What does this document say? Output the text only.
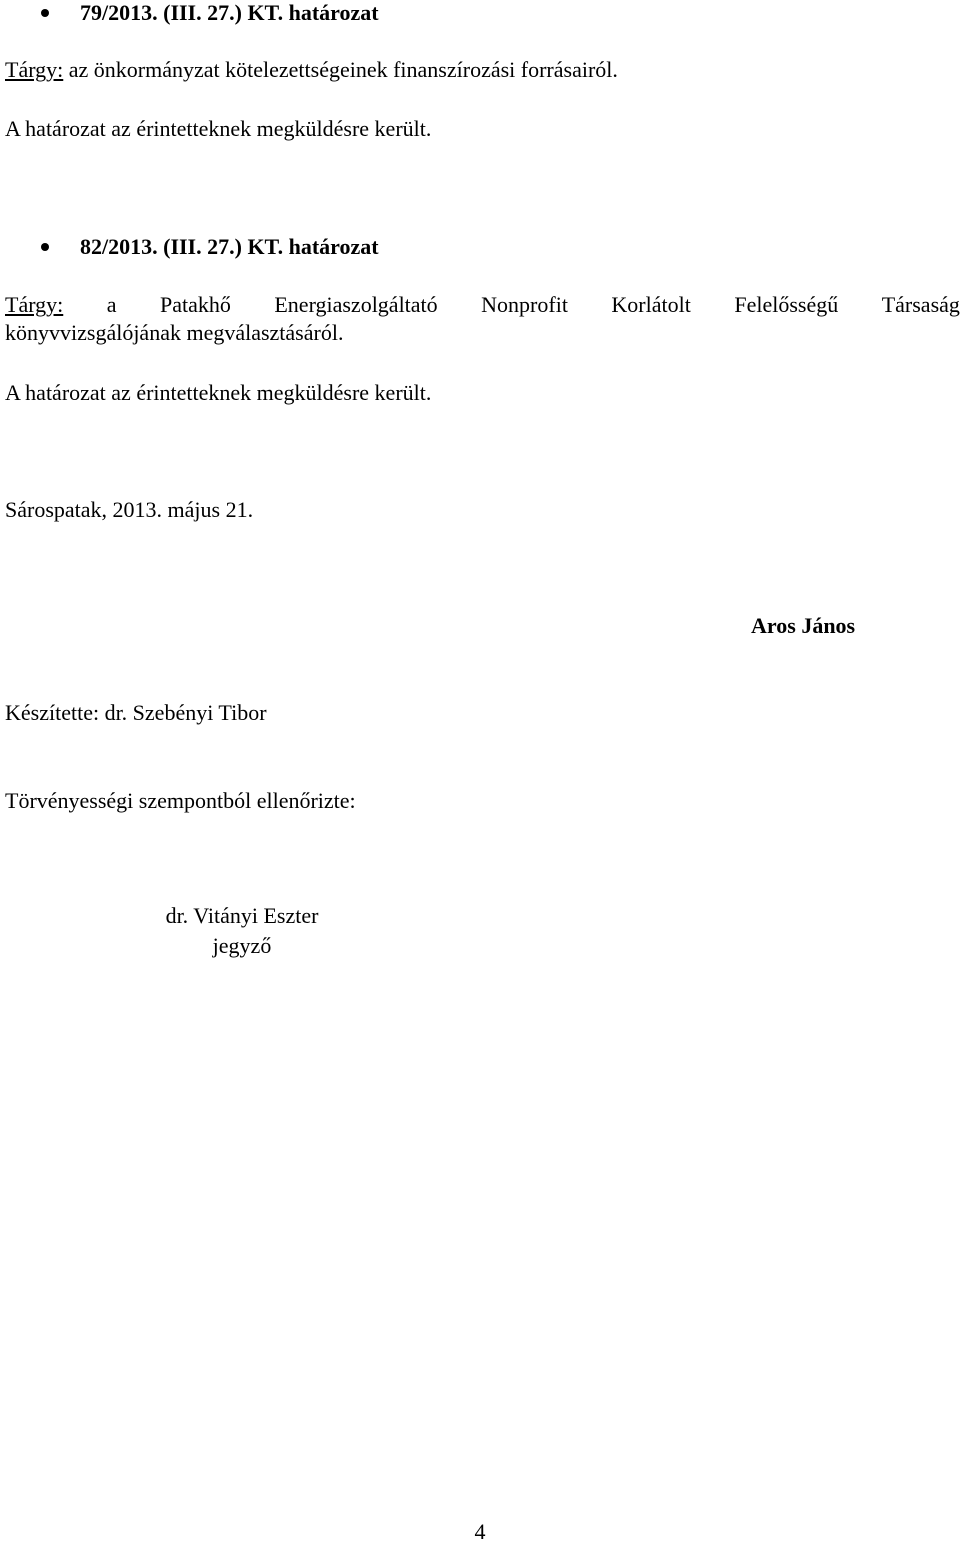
79/2013. (III. 27.) KT. határozat
Tárgy: az önkormányzat kötelezettségeinek finanszírozási forrásairól.
A határozat az érintetteknek megküldésre került.
82/2013. (III. 27.) KT. határozat
Tárgy: a Patakhő Energiaszolgáltató Nonprofit Korlátolt Felelősségű Társaság
könyvvizsgálójának megválasztásáról.
A határozat az érintetteknek megküldésre került.
Sárospatak, 2013. május 21.
Aros János
Készítette: dr. Szebényi Tibor
Törvényességi szempontból ellenőrizte:
dr. Vitányi Eszter
jegyző
4
